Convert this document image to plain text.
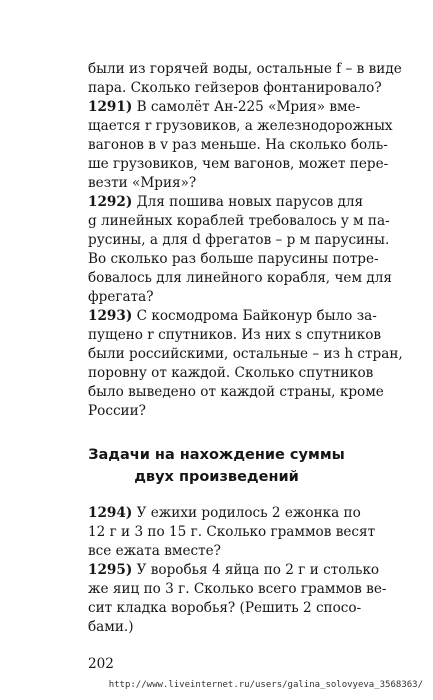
были из горячей воды, остальные f – в виде
пара. Сколько гейзеров фонтанировало?
1291) В самолёт Ан-225 «Мрия» вме-
щается r грузовиков, а железнодорожных
вагонов в v раз меньше. На сколько боль-
ше грузовиков, чем вагонов, может пере-
везти «Мрия»?
1292) Для пошива новых парусов для
g линейных кораблей требовалось y м па-
русины, а для d фрегатов – p м парусины.
Во сколько раз больше парусины потре-
бовалось для линейного корабля, чем для
фрегата?
1293) С космодрома Байконур было за-
пущено r спутников. Из них s спутников
были российскими, остальные – из h стран,
поровну от каждой. Сколько спутников
было выведено от каждой страны, кроме
России?
Задачи на нахождение суммы
двух произведений
1294) У ежихи родилось 2 ежонка по
12 г и 3 по 15 г. Сколько граммов весят
все ежата вместе?
1295) У воробья 4 яйца по 2 г и столько
же яиц по 3 г. Сколько всего граммов ве-
сит кладка воробья? (Решить 2 спосо-
бами.)
202
http://www.liveinternet.ru/users/galina_solovyeva_3568363/
